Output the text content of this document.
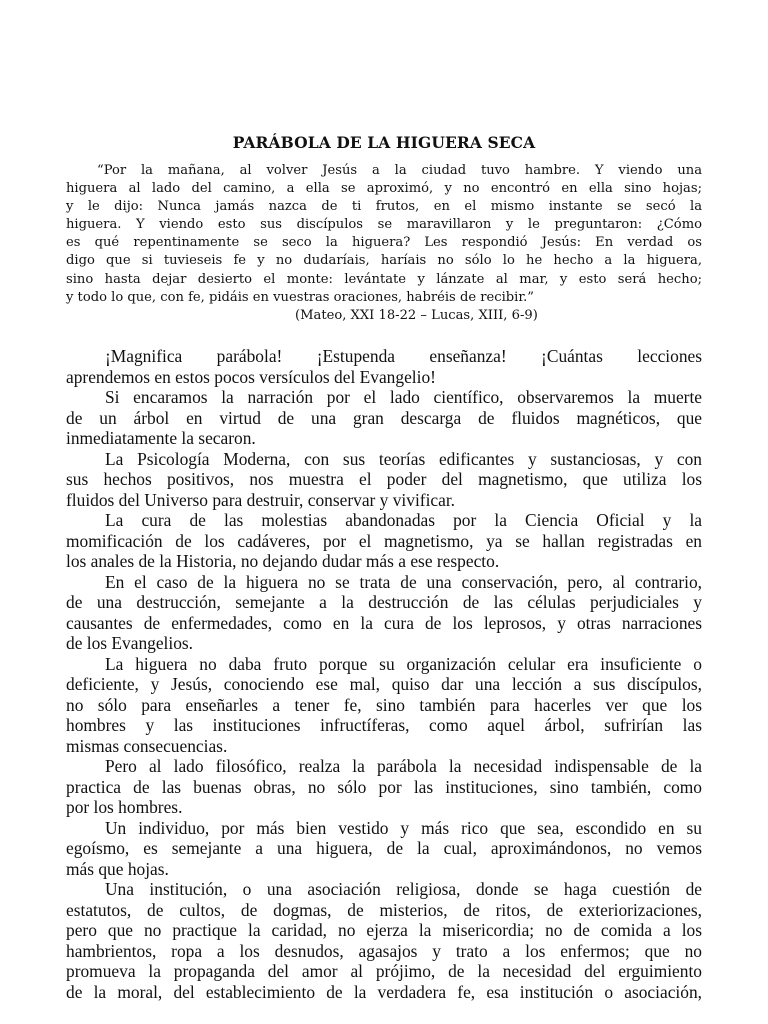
PARÁBOLA DE LA HIGUERA SECA
“Por la mañana, al volver Jesús a la ciudad tuvo hambre. Y viendo una
higuera al lado del camino, a ella se aproximó, y no encontró en ella sino hojas;
y le dijo: Nunca jamás nazca de ti frutos, en el mismo instante se secó la
higuera. Y viendo esto sus discípulos se maravillaron y le preguntaron: ¿Cómo
es qué repentinamente se seco la higuera? Les respondió Jesús: En verdad os
digo que si tuvieseis fe y no dudaríais, haríais no sólo lo he hecho a la higuera,
sino hasta dejar desierto el monte: levántate y lánzate al mar, y esto será hecho;
y todo lo que, con fe, pidáis en vuestras oraciones, habréis de recibir.”
(Mateo, XXI 18-22 – Lucas, XIII, 6-9)
¡Magnifica parábola! ¡Estupenda enseñanza! ¡Cuántas lecciones
aprendemos en estos pocos versículos del Evangelio!
Si encaramos la narración por el lado científico, observaremos la muerte
de un árbol en virtud de una gran descarga de fluidos magnéticos, que
inmediatamente la secaron.
La Psicología Moderna, con sus teorías edificantes y sustanciosas, y con
sus hechos positivos, nos muestra el poder del magnetismo, que utiliza los
fluidos del Universo para destruir, conservar y vivificar.
La cura de las molestias abandonadas por la Ciencia Oficial y la
momificación de los cadáveres, por el magnetismo, ya se hallan registradas en
los anales de la Historia, no dejando dudar más a ese respecto.
En el caso de la higuera no se trata de una conservación, pero, al contrario,
de una destrucción, semejante a la destrucción de las células perjudiciales y
causantes de enfermedades, como en la cura de los leprosos, y otras narraciones
de los Evangelios.
La higuera no daba fruto porque su organización celular era insuficiente o
deficiente, y Jesús, conociendo ese mal, quiso dar una lección a sus discípulos,
no sólo para enseñarles a tener fe, sino también para hacerles ver que los
hombres y las instituciones infructíferas, como aquel árbol, sufrirían las
mismas consecuencias.
Pero al lado filosófico, realza la parábola la necesidad indispensable de la
practica de las buenas obras, no sólo por las instituciones, sino también, como
por los hombres.
Un individuo, por más bien vestido y más rico que sea, escondido en su
egoísmo, es semejante a una higuera, de la cual, aproximándonos, no vemos
más que hojas.
Una institución, o una asociación religiosa, donde se haga cuestión de
estatutos, de cultos, de dogmas, de misterios, de ritos, de exteriorizaciones,
pero que no practique la caridad, no ejerza la misericordia; no de comida a los
hambrientos, ropa a los desnudos, agasajos y trato a los enfermos; que no
promueva la propaganda del amor al prójimo, de la necesidad del erguimiento
de la moral, del establecimiento de la verdadera fe, esa institución o asociación,
